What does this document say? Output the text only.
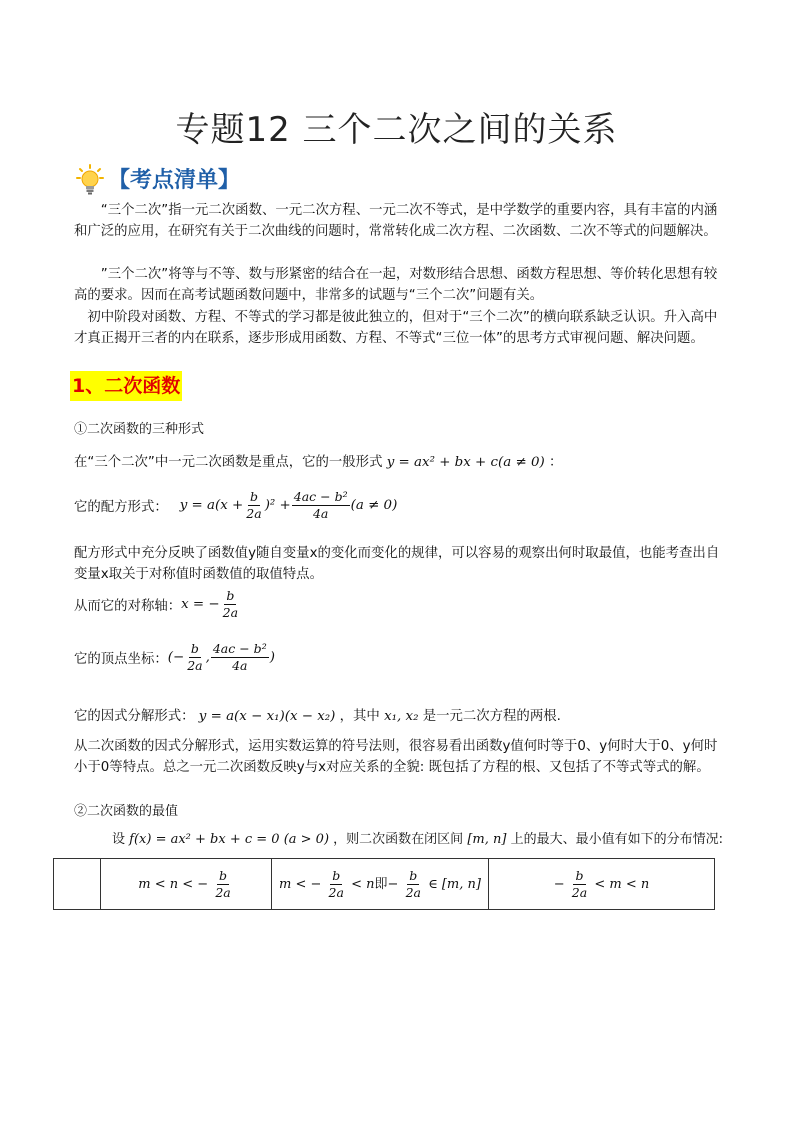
专题12 三个二次之间的关系
【考点清单】
“三个二次”指一元二次函数、一元二次方程、一元二次不等式，是中学数学的重要内容，具有丰富的内涵和广泛的应用，在研究有关于二次曲线的问题时，常常转化成二次方程、二次函数、二次不等式的问题解决。
”三个二次”将等与不等、数与形紧密的结合在一起，对数形结合思想、函数方程思想、等价转化思想有较高的要求。因而在高考试题函数问题中，非常多的试题与“三个二次”问题有关。
初中阶段对函数、方程、不等式的学习都是彼此独立的，但对于“三个二次”的横向联系缺乏认识。升入高中才真正揭开三者的内在联系，逐步形成用函数、方程、不等式“三位一体”的思考方式审视问题、解决问题。
1、二次函数
①二次函数的三种形式
在“三个二次”中一元二次函数是重点，它的一般形式 y = ax² + bx + c(a ≠ 0) ：
它的配方形式： $y = a(x + \frac{b}{2a} )^2 + \frac{\text{4ac − b²}}{4a} (a \ne 0)$
配方形式中充分反映了函数值y随自变量x的变化而变化的规律，可以容易的观察出何时取最值，也能考查出自变量x取关于对称值时函数值的取值特点。
从而它的对称轴： x = − $\frac{b}{2a}$
它的顶点坐标： (− $\frac{b}{2a}$ , $\frac{\text{4ac − b²}}{4a}$ )
它的因式分解形式： y = a(x − x₁)(x − x₂) ，其中 x₁, x₂ 是一元二次方程的两根.
从二次函数的因式分解形式，运用实数运算的符号法则，很容易看出函数y值何时等于0、y何时大于0、y何时小于0等特点。总之一元二次函数反映y与x对应关系的全貌: 既包括了方程的根、又包括了不等式等式的解。
②二次函数的最值
设 f(x) = ax² + bx + c = 0 (a > 0) ，则二次函数在闭区间 [m, n] 上的最大、最小值有如下的分布情况:
	m < n < − $\frac{b}{2a}$	m < − $\frac{b}{2a} < n$即− $\frac{b}{2a}$ ∈ [m, n]	− $\frac{b}{2a} < m < n$
